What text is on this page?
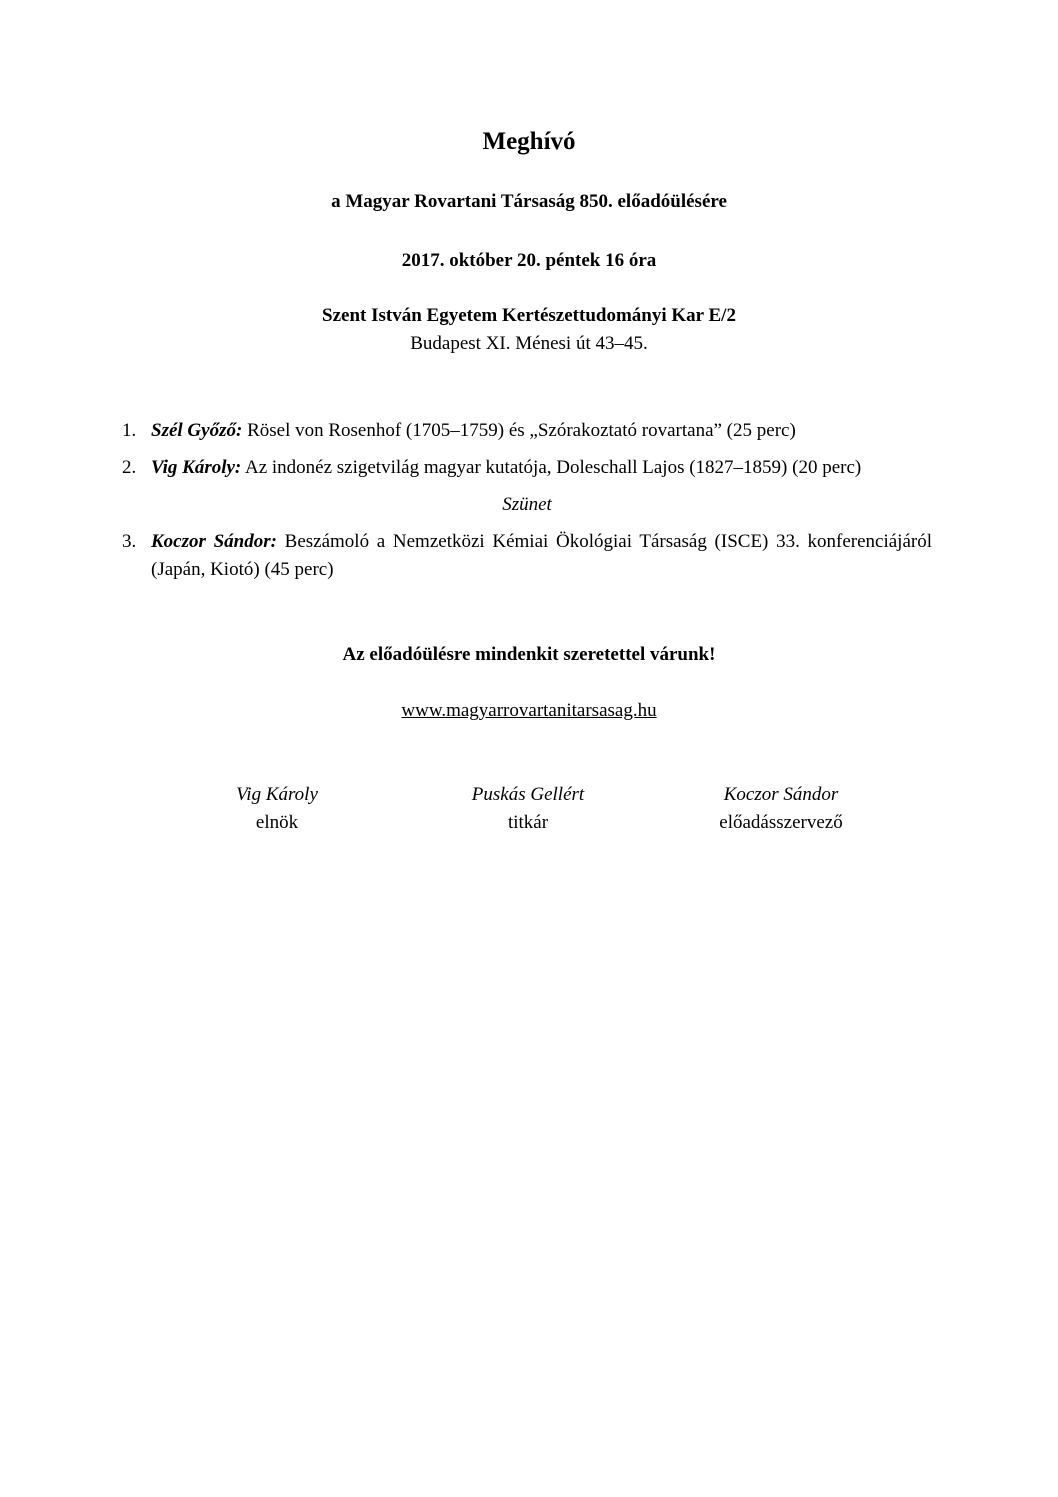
Meghívó
a Magyar Rovartani Társaság 850. előadóülésére
2017. október 20. péntek 16 óra
Szent István Egyetem Kertészettudományi Kar E/2
Budapest XI. Ménesi út 43–45.
1. Szél Győző: Rösel von Rosenhof (1705–1759) és „Szórakoztató rovartana” (25 perc)
2. Vig Károly: Az indonéz szigetvilág magyar kutatója, Doleschall Lajos (1827–1859) (20 perc)
Szünet
3. Koczor Sándor: Beszámoló a Nemzetközi Kémiai Ökológiai Társaság (ISCE) 33. konferenciájáról (Japán, Kiotó) (45 perc)
Az előadóülésre mindenkit szeretettel várunk!
www.magyarrovartanitarsasag.hu
Vig Károly
elnök
Puskás Gellért
titkár
Koczor Sándor
előadásszervező
